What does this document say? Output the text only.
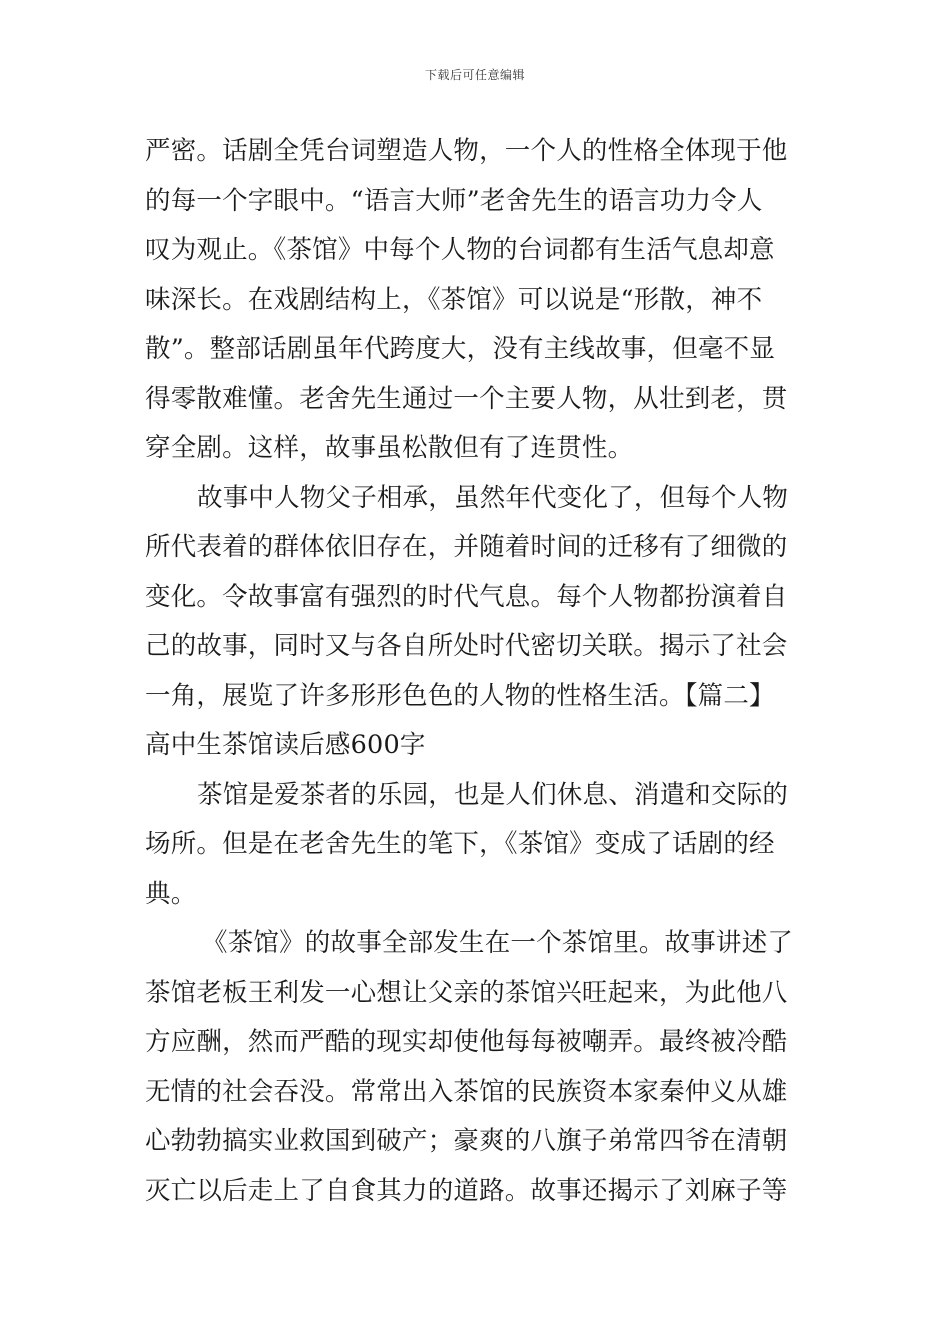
下载后可任意编辑
严密。话剧全凭台词塑造人物，一个人的性格全体现于他
的每一个字眼中。“语言大师”老舍先生的语言功力令人
叹为观止。《茶馆》中每个人物的台词都有生活气息却意
味深长。在戏剧结构上，《茶馆》可以说是“形散，神不
散”。整部话剧虽年代跨度大，没有主线故事，但毫不显
得零散难懂。老舍先生通过一个主要人物，从壮到老，贯
穿全剧。这样，故事虽松散但有了连贯性。
故事中人物父子相承，虽然年代变化了，但每个人物
所代表着的群体依旧存在，并随着时间的迁移有了细微的
变化。令故事富有强烈的时代气息。每个人物都扮演着自
己的故事，同时又与各自所处时代密切关联。揭示了社会
一角，展览了许多形形色色的人物的性格生活。【篇二】
高中生茶馆读后感600字
茶馆是爱茶者的乐园，也是人们休息、消遣和交际的
场所。但是在老舍先生的笔下，《茶馆》变成了话剧的经
典。
《茶馆》的故事全部发生在一个茶馆里。故事讲述了
茶馆老板王利发一心想让父亲的茶馆兴旺起来，为此他八
方应酬，然而严酷的现实却使他每每被嘲弄。最终被冷酷
无情的社会吞没。常常出入茶馆的民族资本家秦仲义从雄
心勃勃搞实业救国到破产；豪爽的八旗子弟常四爷在清朝
灭亡以后走上了自食其力的道路。故事还揭示了刘麻子等
